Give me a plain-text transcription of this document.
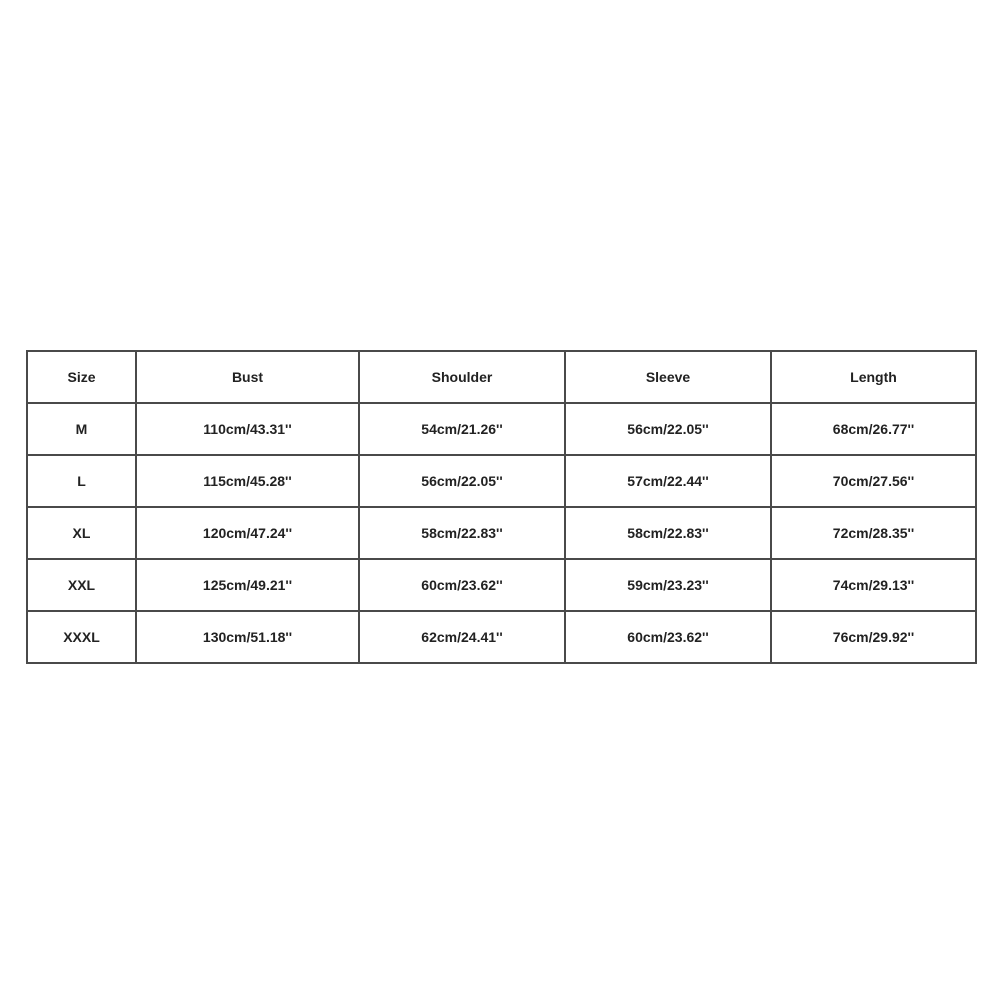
Size	Bust	Shoulder	Sleeve	Length
M	110cm/43.31''	54cm/21.26''	56cm/22.05''	68cm/26.77''
L	115cm/45.28''	56cm/22.05''	57cm/22.44''	70cm/27.56''
XL	120cm/47.24''	58cm/22.83''	58cm/22.83''	72cm/28.35''
XXL	125cm/49.21''	60cm/23.62''	59cm/23.23''	74cm/29.13''
XXXL	130cm/51.18''	62cm/24.41''	60cm/23.62''	76cm/29.92''
